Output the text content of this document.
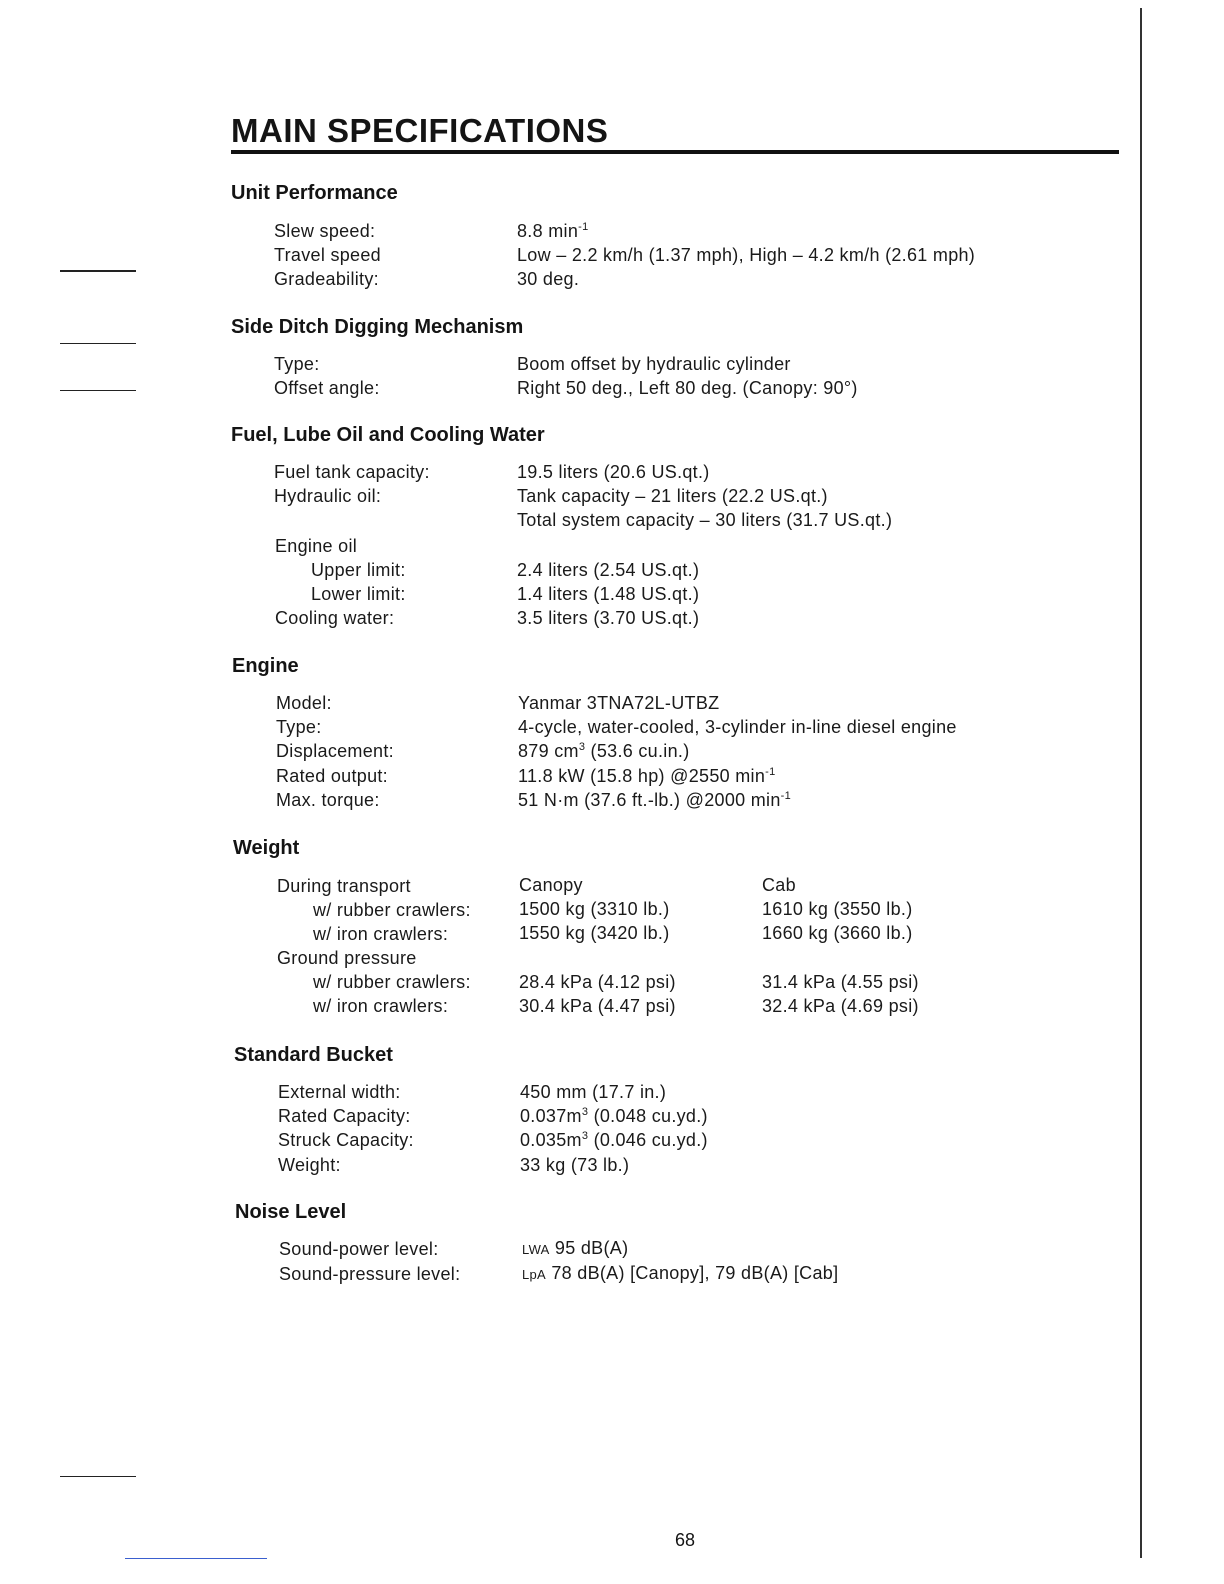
MAIN SPECIFICATIONS
Unit Performance
Slew speed:	8.8 $\min^{-1}$
Travel speed	Low – 2.2 km/h (1.37 mph), High – 4.2 km/h (2.61 mph)
Gradeability:	30 deg.
Side Ditch Digging Mechanism
Type:	Boom offset by hydraulic cylinder
Offset angle:	Right 50 deg., Left 80 deg. (Canopy: 90°)
Fuel, Lube Oil and Cooling Water
Fuel tank capacity:	19.5 liters (20.6 US.qt.)
Hydraulic oil:	Tank capacity – 21 liters (22.2 US.qt.)
Total system capacity – 30 liters (31.7 US.qt.)
Engine oil
Upper limit:	2.4 liters (2.54 US.qt.)
Lower limit:	1.4 liters (1.48 US.qt.)
Cooling water:	3.5 liters (3.70 US.qt.)
Engine
Model:	Yanmar 3TNA72L-UTBZ
Type:	4-cycle, water-cooled, 3-cylinder in-line diesel engine
Displacement:	879 $cm^3$ (53.6 cu.in.)
Rated output:	11.8 kW (15.8 hp) @2550 $\min^{-1}$
Max. torque:	51 N·m (37.6 ft.-lb.) @2000 $\min^{-1}$
Weight
During transport	Canopy	Cab
w/ rubber crawlers:	1500 kg (3310 lb.)	1610 kg (3550 lb.)
w/ iron crawlers:	1550 kg (3420 lb.)	1660 kg (3660 lb.)
Ground pressure
w/ rubber crawlers:	28.4 kPa (4.12 psi)	31.4 kPa (4.55 psi)
w/ iron crawlers:	30.4 kPa (4.47 psi)	32.4 kPa (4.69 psi)
Standard Bucket
External width:	450 mm (17.7 in.)
Rated Capacity:	$0.037m^3$ (0.048 cu.yd.)
Struck Capacity:	$0.035m^3$ (0.046 cu.yd.)
Weight:	33 kg (73 lb.)
Noise Level
Sound-power level:	LWA 95 dB(A)
Sound-pressure level:	LpA 78 dB(A) [Canopy], 79 dB(A) [Cab]
68
